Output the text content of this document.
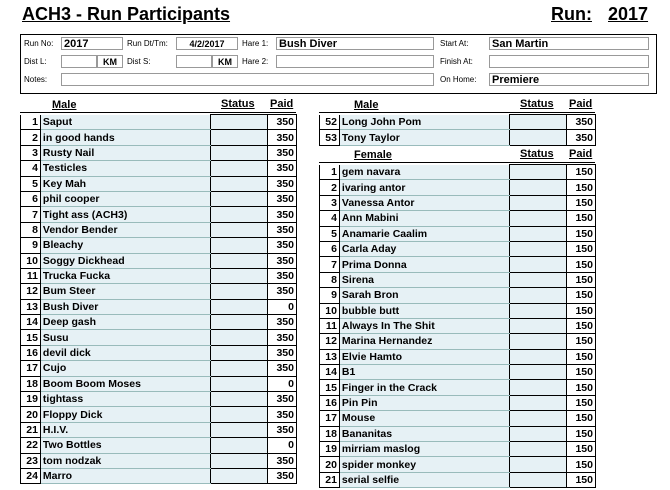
ACH3 - Run Participants	Run: 2017
Run No: 2017	Run Dt/Tm:	4/2/2017	Hare 1: Bush Diver	Start At: San Martin
Dist L:	KM	Dist S:	KM	Hare 2:	Finish At:
Notes:	On Home: Premiere
Male	Status Paid
1	Saput		350
2	in good hands		350
3	Rusty Nail		350
4	Testicles		350
5	Key Mah		350
6	phil cooper		350
7	Tight ass (ACH3)		350
8	Vendor Bender		350
9	Bleachy		350
10	Soggy Dickhead		350
11	Trucka Fucka		350
12	Bum Steer		350
13	Bush Diver		0
14	Deep gash		350
15	Susu		350
16	devil dick		350
17	Cujo		350
18	Boom Boom Moses		0
19	tightass		350
20	Floppy Dick		350
21	H.I.V.		350
22	Two Bottles		0
23	tom nodzak		350
24	Marro		350
Male	Status Paid
52	Long John Pom		350
53	Tony Taylor		350
Female	Status Paid
1	gem navara		150
2	ivaring antor		150
3	Vanessa Antor		150
4	Ann Mabini		150
5	Anamarie Caalim		150
6	Carla Aday		150
7	Prima Donna		150
8	Sirena		150
9	Sarah Bron		150
10	bubble butt		150
11	Always In The Shit		150
12	Marina Hernandez		150
13	Elvie Hamto		150
14	B1		150
15	Finger in the Crack		150
16	Pin Pin		150
17	Mouse		150
18	Bananitas		150
19	mirriam maslog		150
20	spider monkey		150
21	serial selfie		150
